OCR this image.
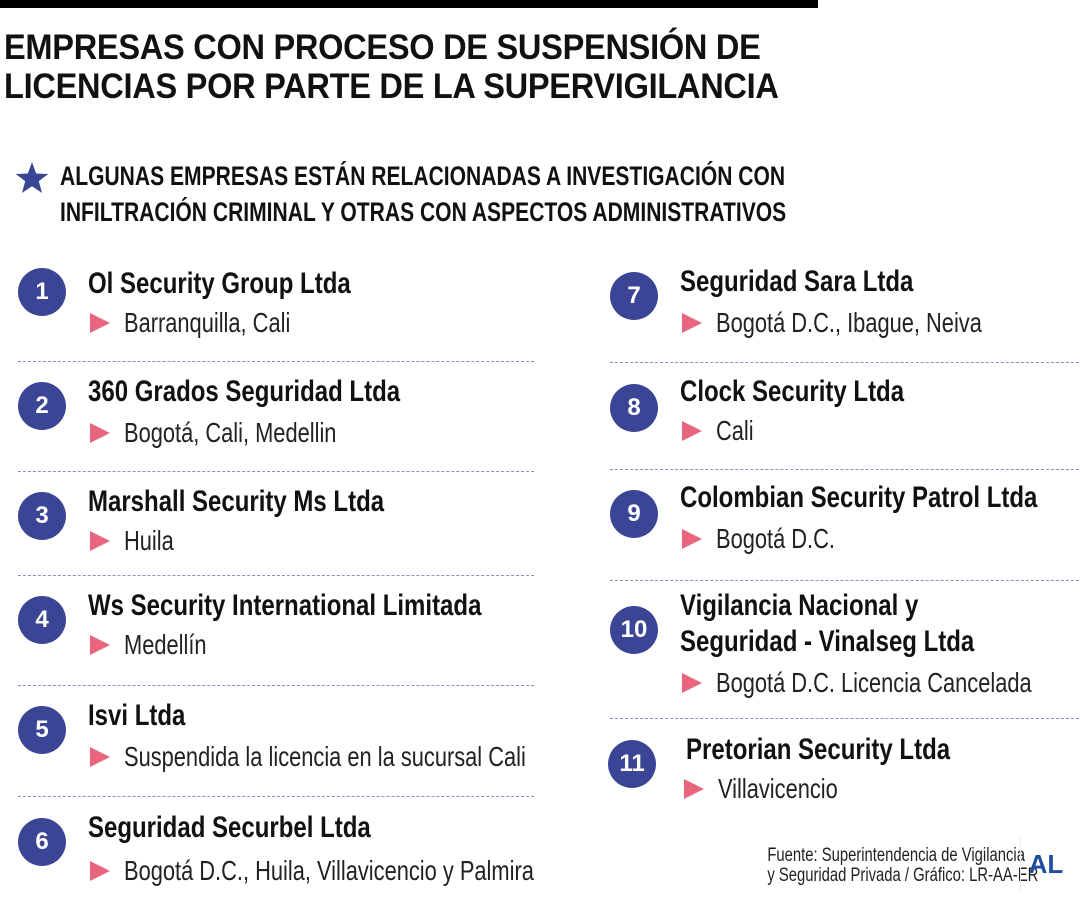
EMPRESAS CON PROCESO DE SUSPENSIÓN DE
LICENCIAS POR PARTE DE LA SUPERVIGILANCIA
ALGUNAS EMPRESAS ESTÁN RELACIONADAS A INVESTIGACIÓN CON
INFILTRACIÓN CRIMINAL Y OTRAS CON ASPECTOS ADMINISTRATIVOS
1	Ol Security Group Ltda
Barranquilla, Cali
2	360 Grados Seguridad Ltda
Bogotá, Cali, Medellin
3	Marshall Security Ms Ltda
Huila
4	Ws Security International Limitada
Medellín
5	Isvi Ltda
Suspendida la licencia en la sucursal Cali
6	Seguridad Securbel Ltda
Bogotá D.C., Huila, Villavicencio y Palmira
7	Seguridad Sara Ltda
Bogotá D.C., Ibague, Neiva
8	Clock Security Ltda
Cali
9	Colombian Security Patrol Ltda
Bogotá D.C.
10
Vigilancia Nacional y
Seguridad - Vinalseg Ltda
Bogotá D.C. Licencia Cancelada
11	Pretorian Security Ltda
Villavicencio
Fuente: Superintendencia de Vigilancia
y Seguridad Privada / Gráfico: LR-AA-ER
AL
